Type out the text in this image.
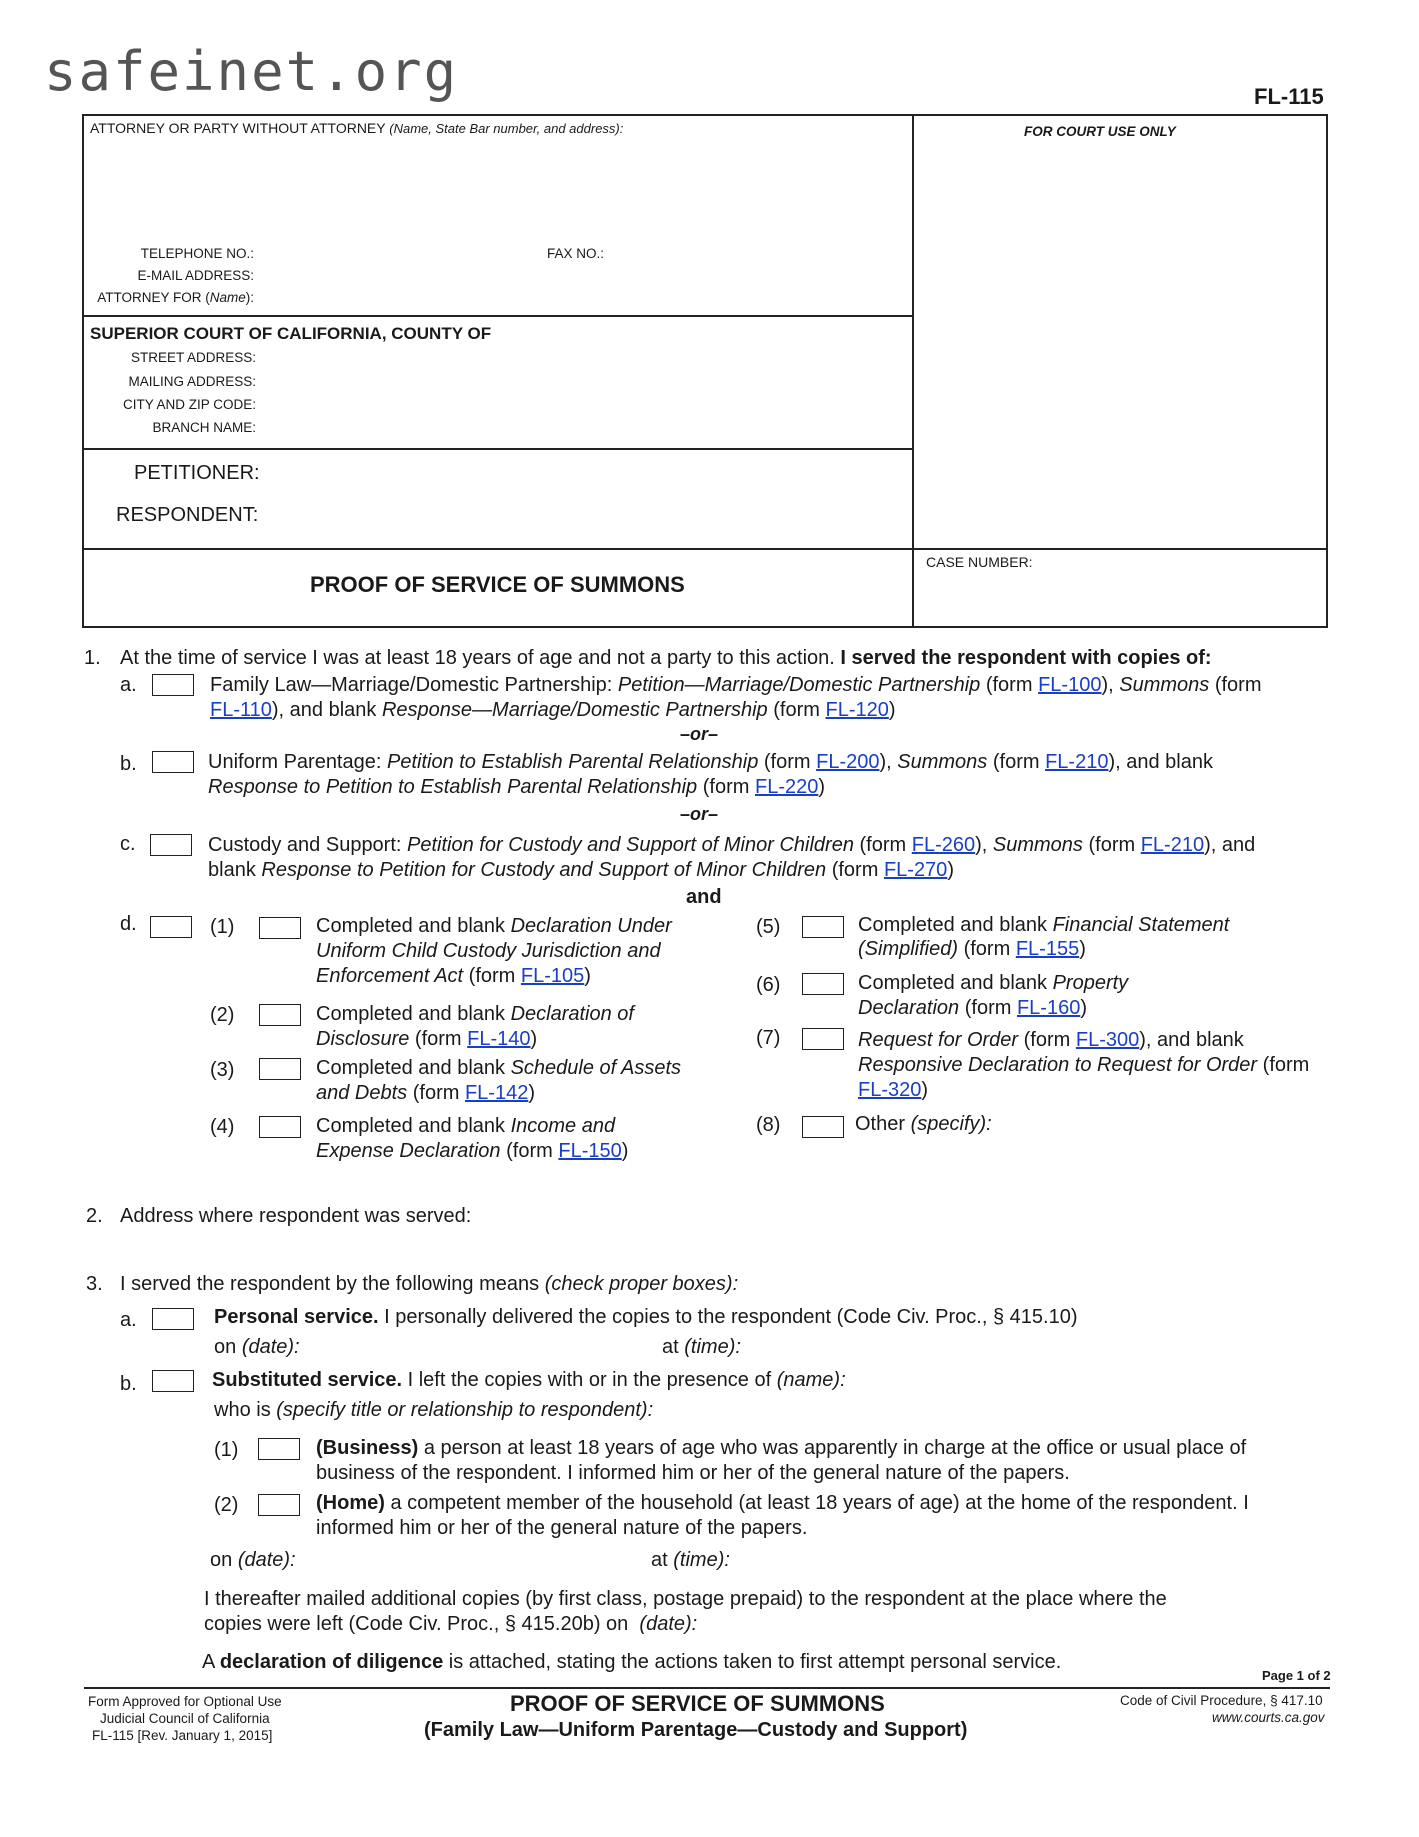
safeinet.org	FL-115
ATTORNEY OR PARTY WITHOUT ATTORNEY (Name, State Bar number, and address):	FOR COURT USE ONLY
TELEPHONE NO.:	FAX NO.:
E-MAIL ADDRESS:
ATTORNEY FOR (Name):
SUPERIOR COURT OF CALIFORNIA, COUNTY OF
STREET ADDRESS:
MAILING ADDRESS:
CITY AND ZIP CODE:
BRANCH NAME:
PETITIONER:
RESPONDENT:
PROOF OF SERVICE OF SUMMONS
CASE NUMBER:
1. At the time of service I was at least 18 years of age and not a party to this action. I served the respondent with copies of:
a.	Family Law—Marriage/Domestic Partnership: Petition—Marriage/Domestic Partnership (form FL-100), Summons (form
FL-110), and blank Response—Marriage/Domestic Partnership (form FL-120)
–or–
b.	Uniform Parentage: Petition to Establish Parental Relationship (form FL-200), Summons (form FL-210), and blank
Response to Petition to Establish Parental Relationship (form FL-220)
–or–
c.	Custody and Support: Petition for Custody and Support of Minor Children (form FL-260), Summons (form FL-210), and
blank Response to Petition for Custody and Support of Minor Children (form FL-270)
and
d.	(1)	Completed and blank Declaration Under
Uniform Child Custody Jurisdiction and
Enforcement Act (form FL-105)
(2)	Completed and blank Declaration of
Disclosure (form FL-140)
(3)	Completed and blank Schedule of Assets
and Debts (form FL-142)
(4)	Completed and blank Income and
Expense Declaration (form FL-150)
(5)	Completed and blank Financial Statement
(Simplified) (form FL-155)
(6)	Completed and blank Property
Declaration (form FL-160)
(7)	Request for Order (form FL-300), and blank
Responsive Declaration to Request for Order (form
FL-320)
(8)	Other (specify):
2. Address where respondent was served:
3. I served the respondent by the following means (check proper boxes):
a.	Personal service. I personally delivered the copies to the respondent (Code Civ. Proc., § 415.10)
on (date):	at (time):
b.	Substituted service. I left the copies with or in the presence of (name):
who is (specify title or relationship to respondent):
(1)	(Business) a person at least 18 years of age who was apparently in charge at the office or usual place of
business of the respondent. I informed him or her of the general nature of the papers.
(2)	(Home) a competent member of the household (at least 18 years of age) at the home of the respondent. I
informed him or her of the general nature of the papers.
on (date):	at (time):
I thereafter mailed additional copies (by first class, postage prepaid) to the respondent at the place where the
copies were left (Code Civ. Proc., § 415.20b) on (date):
A declaration of diligence is attached, stating the actions taken to first attempt personal service.
Page 1 of 2
Form Approved for Optional Use
Judicial Council of California
FL-115 [Rev. January 1, 2015]
PROOF OF SERVICE OF SUMMONS
(Family Law—Uniform Parentage—Custody and Support)
Code of Civil Procedure, § 417.10
www.courts.ca.gov
